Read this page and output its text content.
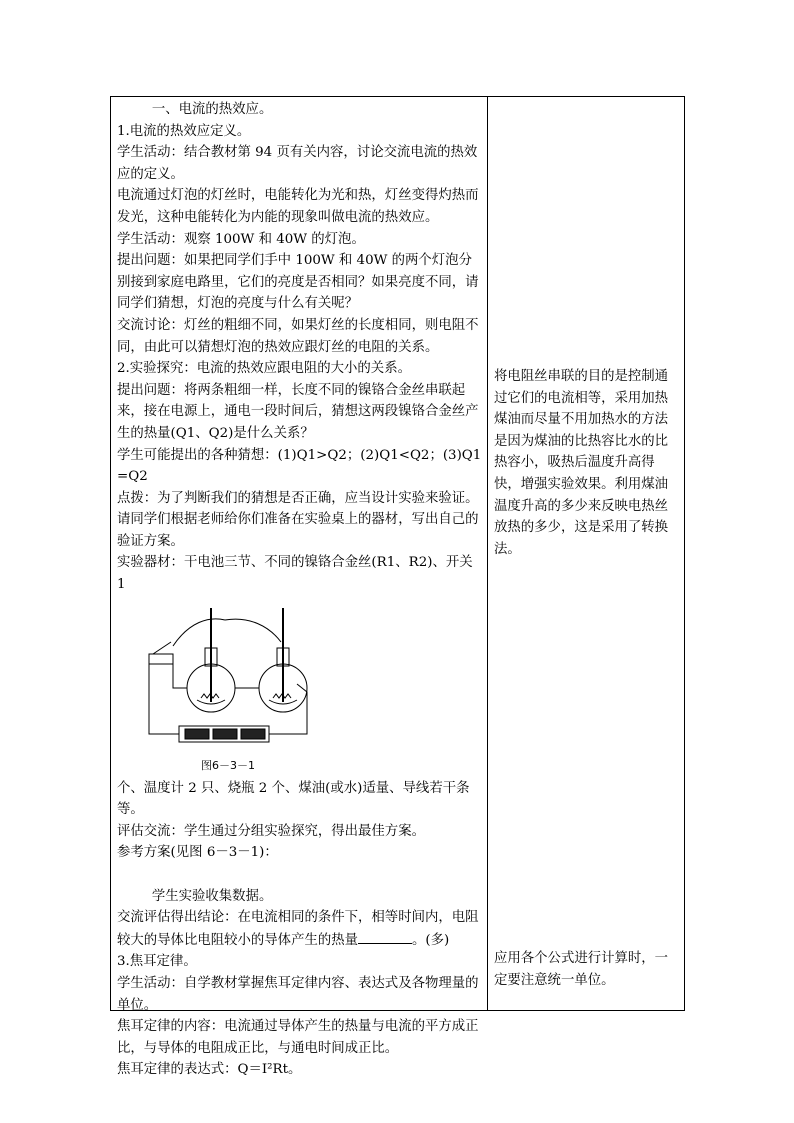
一、电流的热效应。

1.电流的热效应定义。

学生活动：结合教材第 94 页有关内容，讨论交流电流的热效应的定义。

电流通过灯泡的灯丝时，电能转化为光和热，灯丝变得灼热而发光，这种电能转化为内能的现象叫做电流的热效应。

学生活动：观察 100W 和 40W 的灯泡。

提出问题：如果把同学们手中 100W 和 40W 的两个灯泡分别接到家庭电路里，它们的亮度是否相同？如果亮度不同，请同学们猜想，灯泡的亮度与什么有关呢？

交流讨论：灯丝的粗细不同，如果灯丝的长度相同，则电阻不同，由此可以猜想灯泡的热效应跟灯丝的电阻的关系。

2.实验探究：电流的热效应跟电阻的大小的关系。

提出问题：将两条粗细一样，长度不同的镍铬合金丝串联起来，接在电源上，通电一段时间后，猜想这两段镍铬合金丝产生的热量(Q1、Q2)是什么关系？

学生可能提出的各种猜想：(1)Q1>Q2；(2)Q1<Q2；(3)Q1=Q2

点拨：为了判断我们的猜想是否正确，应当设计实验来验证。请同学们根据老师给你们准备在实验桌上的器材，写出自己的验证方案。

实验器材：干电池三节、不同的镍铬合金丝(R1、R2)、开关 1

图6－3－1

个、温度计 2 只、烧瓶 2 个、煤油(或水)适量、导线若干条等。

评估交流：学生通过分组实验探究，得出最佳方案。

参考方案(见图 6－3－1)：

学生实验收集数据。

交流评估得出结论：在电流相同的条件下，相等时间内，电阻较大的导体比电阻较小的导体产生的热量	。(多)

3.焦耳定律。

学生活动：自学教材掌握焦耳定律内容、表达式及各物理量的单位。

焦耳定律的内容：电流通过导体产生的热量与电流的平方成正比，与导体的电阻成正比，与通电时间成正比。

焦耳定律的表达式：Q＝I²Rt。

将电阻丝串联的目的是控制通过它们的电流相等，采用加热煤油而尽量不用加热水的方法是因为煤油的比热容比水的比热容小，吸热后温度升高得快，增强实验效果。利用煤油温度升高的多少来反映电热丝放热的多少，这是采用了转换法。

应用各个公式进行计算时，一定要注意统一单位。
